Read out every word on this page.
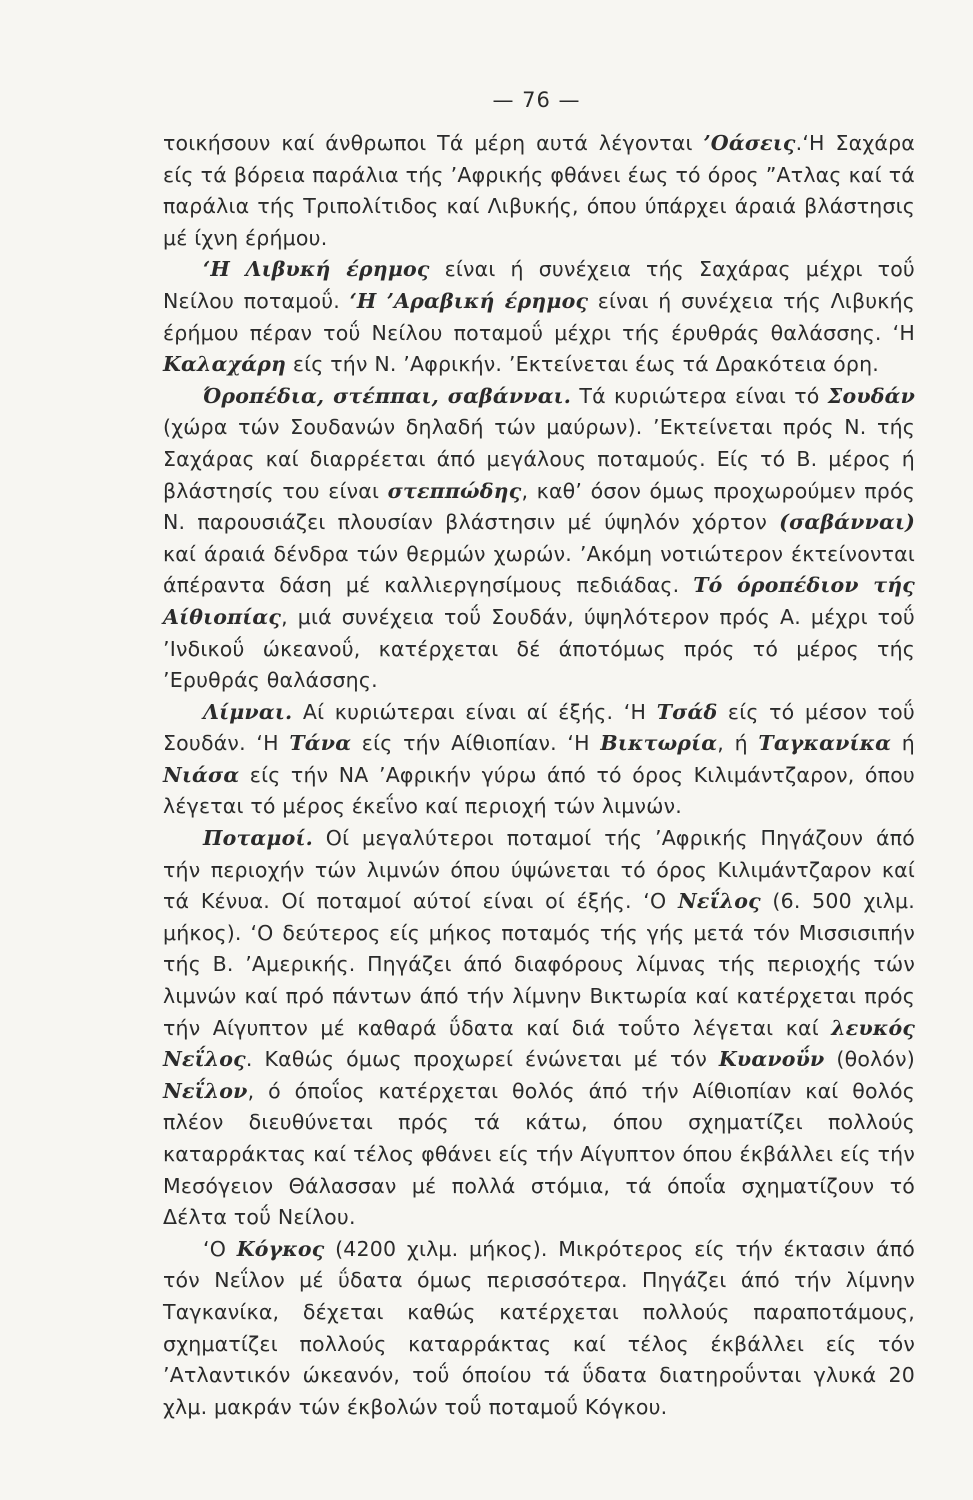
— 76 —

τοικήσουν καί άνθρωποι Τά μέρη αυτά λέγονται ’Οάσεις.‘Η Σαχάρα είς τά βόρεια παράλια τής ’Αφρικής φθάνει έως τό όρος ”Ατλας καί τά παράλια τής Τριπολίτιδος καί Λιβυκής, όπου ύπάρχει άραιά βλάστησις μέ ίχνη έρήμου.

‘Η Λιβυκή έρημος είναι ή συνέχεια τής Σαχάρας μέχρι τοΰ Νείλου ποταμοΰ. ‘Η ’Αραβική έρημος είναι ή συνέχεια τής Λιβυκής έρήμου πέραν τοΰ Νείλου ποταμοΰ μέχρι τής έρυθράς θαλάσσης. ‘Η Καλαχάρη είς τήν Ν. ’Αφρικήν. ’Εκτείνεται έως τά Δρακότεια όρη.

Όροπέδια, στέππαι, σαβάνναι. Τά κυριώτερα είναι τό Σουδάν (χώρα τών Σουδανών δηλαδή τών μαύρων). ’Εκτείνεται πρός Ν. τής Σαχάρας καί διαρρέεται άπό μεγάλους ποταμούς. Είς τό Β. μέρος ή βλάστησίς του είναι στεππώδης, καθ’ όσον όμως προχωρούμεν πρός Ν. παρουσιάζει πλουσίαν βλάστησιν μέ ύψηλόν χόρτον (σαβάνναι) καί άραιά δένδρα τών θερμών χωρών. ’Ακόμη νοτιώτερον έκτείνονται άπέραντα δάση μέ καλλιεργησίμους πεδιάδας. Τό όροπέδιον τής Αίθιοπίας, μιά συνέχεια τοΰ Σουδάν, ύψηλότερον πρός Α. μέχρι τοΰ ’Ινδικοΰ ώκεανοΰ, κατέρχεται δέ άποτόμως πρός τό μέρος τής ’Ερυθράς θαλάσσης.

Λίμναι. Αί κυριώτεραι είναι αί έξής. ‘Η Τσάδ είς τό μέσον τοΰ Σουδάν. ‘Η Τάνα είς τήν Αίθιοπίαν. ‘Η Βικτωρία, ή Ταγκανίκα ή Νιάσα είς τήν ΝΑ ’Αφρικήν γύρω άπό τό όρος Κιλιμάντζαρον, όπου λέγεται τό μέρος έκεΐνο καί περιοχή τών λιμνών.

Ποταμοί. Οί μεγαλύτεροι ποταμοί τής ’Αφρικής Πηγάζουν άπό τήν περιοχήν τών λιμνών όπου ύψώνεται τό όρος Κιλιμάντζαρον καί τά Κένυα. Οί ποταμοί αύτοί είναι οί έξής. ‘Ο Νεΐλος (6. 500 χιλμ. μήκος). ‘Ο δεύτερος είς μήκος ποταμός τής γής μετά τόν Μισσισιπήν τής Β. ’Αμερικής. Πηγάζει άπό διαφόρους λίμνας τής περιοχής τών λιμνών καί πρό πάντων άπό τήν λίμνην Βικτωρία καί κατέρχεται πρός τήν Αίγυπτον μέ καθαρά ΰδατα καί διά τοΰτο λέγεται καί λευκός Νεΐλος. Καθώς όμως προχωρεί ένώνεται μέ τόν Κυανοΰν (θολόν) Νεΐλον, ό όποΐος κατέρχεται θολός άπό τήν Αίθιοπίαν καί θολός πλέον διευθύνεται πρός τά κάτω, όπου σχηματίζει πολλούς καταρράκτας καί τέλος φθάνει είς τήν Αίγυπτον όπου έκβάλλει είς τήν Μεσόγειον Θάλασσαν μέ πολλά στόμια, τά όποΐα σχηματίζουν τό Δέλτα τοΰ Νείλου.

‘Ο Κόγκος (4200 χιλμ. μήκος). Μικρότερος είς τήν έκτασιν άπό τόν Νεΐλον μέ ΰδατα όμως περισσότερα. Πηγάζει άπό τήν λίμνην Ταγκανίκα, δέχεται καθώς κατέρχεται πολλούς παραποτάμους, σχηματίζει πολλούς καταρράκτας καί τέλος έκβάλλει είς τόν ’Ατλαντικόν ώκεανόν, τοΰ όποίου τά ΰδατα διατηροΰνται γλυκά 20 χλμ. μακράν τών έκβολών τοΰ ποταμοΰ Κόγκου.
